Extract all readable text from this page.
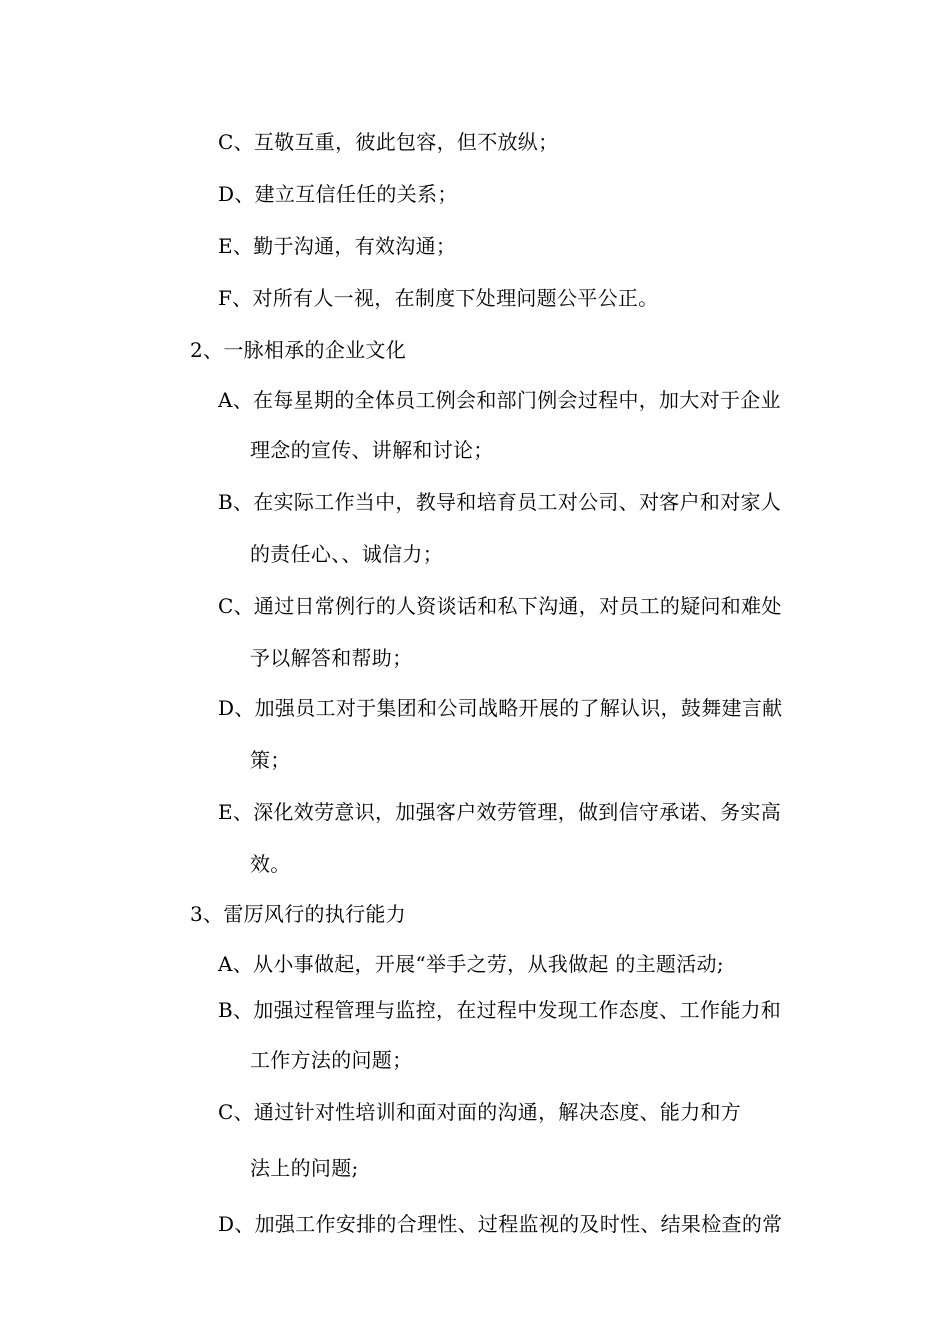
C、互敬互重，彼此包容，但不放纵；
D、建立互信任任的关系；
E、勤于沟通，有效沟通；
F、对所有人一视，在制度下处理问题公平公正。
2、一脉相承的企业文化
A、在每星期的全体员工例会和部门例会过程中，加大对于企业
理念的宣传、讲解和讨论；
B、在实际工作当中，教导和培育员工对公司、对客户和对家人
的责任心、、诚信力；
C、通过日常例行的人资谈话和私下沟通，对员工的疑问和难处
予以解答和帮助；
D、加强员工对于集团和公司战略开展的了解认识，鼓舞建言献
策；
E、深化效劳意识，加强客户效劳管理，做到信守承诺、务实高
效。
3、雷厉风行的执行能力
A、从小事做起，开展“举手之劳，从我做起 的主题活动;
B、加强过程管理与监控，在过程中发现工作态度、工作能力和
工作方法的问题；
C、通过针对性培训和面对面的沟通，解决态度、能力和方
法上的问题;
D、加强工作安排的合理性、过程监视的及时性、结果检查的常
